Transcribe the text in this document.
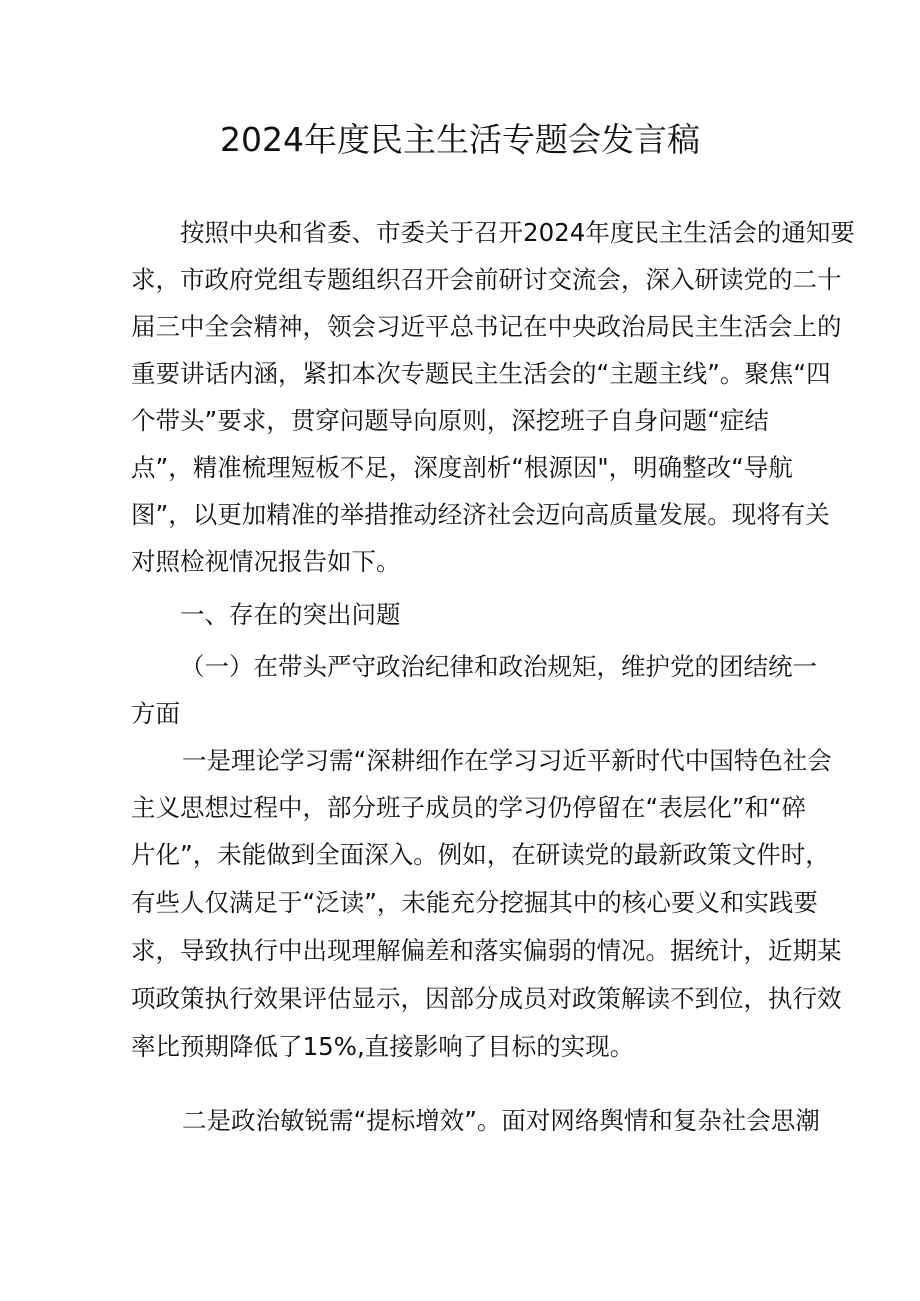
2024年度民主生活专题会发言稿

按照中央和省委、市委关于召开2024年度民主生活会的通知要

求，市政府党组专题组织召开会前研讨交流会，深入研读党的二十

届三中全会精神，领会习近平总书记在中央政治局民主生活会上的

重要讲话内涵，紧扣本次专题民主生活会的“主题主线”。聚焦“四

个带头”要求，贯穿问题导向原则，深挖班子自身问题“症结

点”，精准梳理短板不足，深度剖析“根源因"，明确整改“导航

图”，以更加精准的举措推动经济社会迈向高质量发展。现将有关

对照检视情况报告如下。

一、存在的突出问题

（一）在带头严守政治纪律和政治规矩，维护党的团结统一

方面

一是理论学习需“深耕细作在学习习近平新时代中国特色社会

主义思想过程中，部分班子成员的学习仍停留在“表层化”和“碎

片化”，未能做到全面深入。例如，在研读党的最新政策文件时，

有些人仅满足于“泛读”，未能充分挖掘其中的核心要义和实践要

求，导致执行中出现理解偏差和落实偏弱的情况。据统计，近期某

项政策执行效果评估显示，因部分成员对政策解读不到位，执行效

率比预期降低了15%,直接影响了目标的实现。

二是政治敏锐需“提标增效”。面对网络舆情和复杂社会思潮
